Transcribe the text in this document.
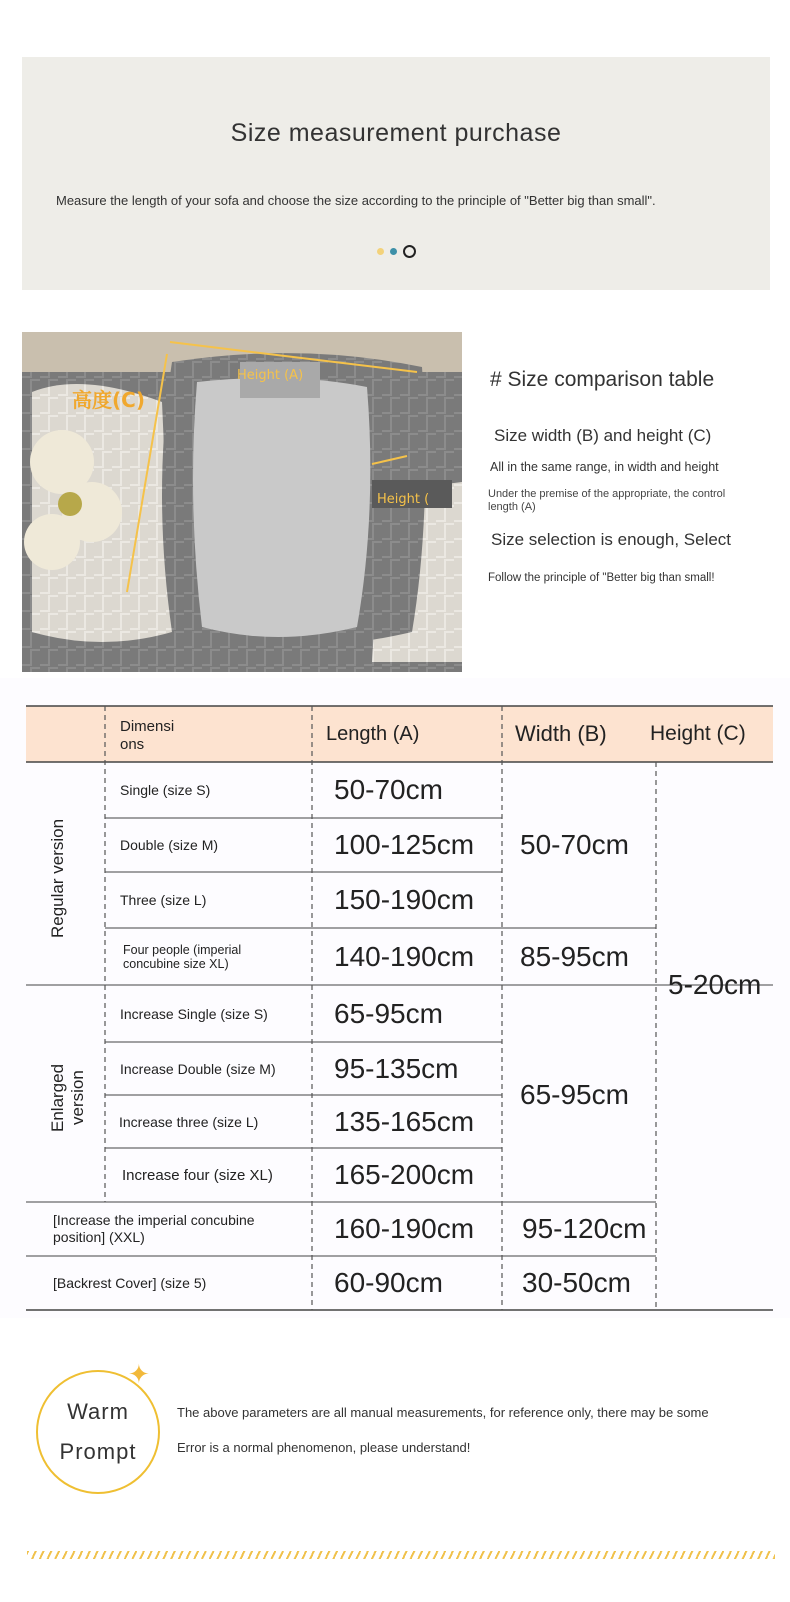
Size measurement purchase
Measure the length of your sofa and choose the size according to the principle of "Better big than small".
Height (A)
高度(C)
Height (
# Size comparison table
Size width (B) and height (C)
All in the same range, in width and height
Under the premise of the appropriate, the control length (A)
Size selection is enough, Select
Follow the principle of "Better big than small!
Dimensi
ons	Length (A)	Width (B) Height (C)
Regular version
Enlarged version
Single (size S)
Double (size M)
Three (size L)
Four people (imperial concubine size XL)
Increase Single (size S)
Increase Double (size M)
Increase three (size L)
Increase four (size XL)
[Increase the imperial concubine position] (XXL)
[Backrest Cover] (size 5)
50-70cm
100-125cm
150-190cm
140-190cm
65-95cm
95-135cm
135-165cm
165-200cm
160-190cm
60-90cm
50-70cm
85-95cm
65-95cm
95-120cm
30-50cm
5-20cm
Warm
Prompt
✦
The above parameters are all manual measurements, for reference only, there may be some
Error is a normal phenomenon, please understand!
